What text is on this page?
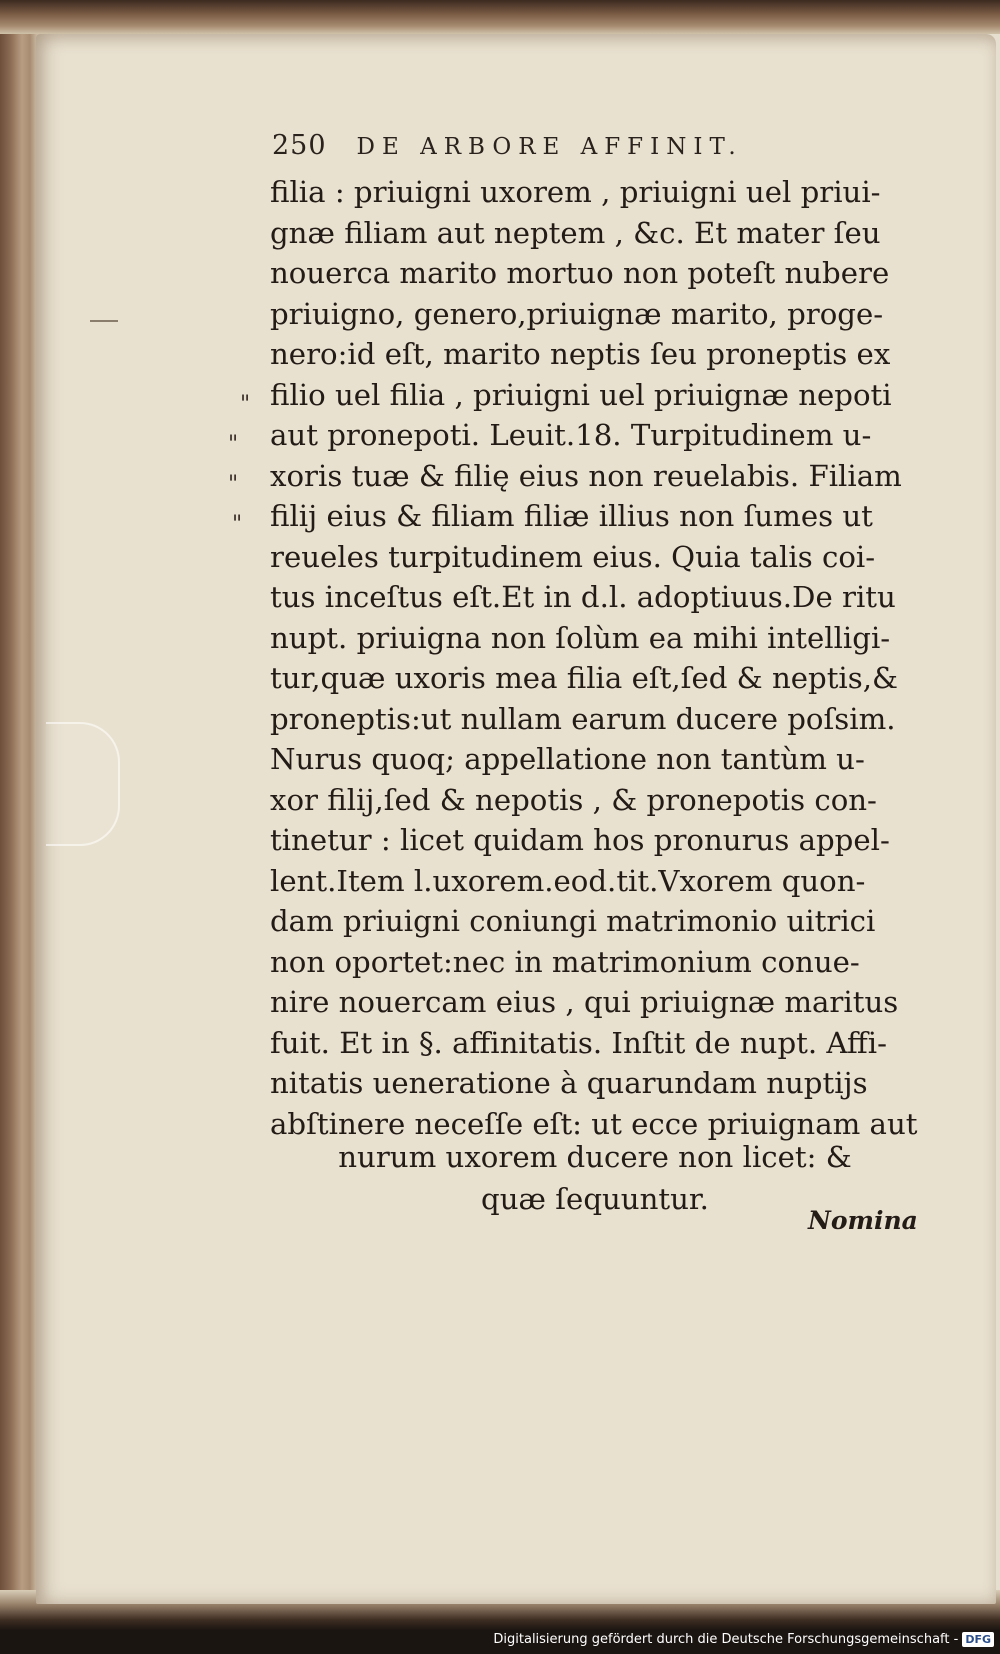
250 DE ARBORE AFFINIT.
filia : priuigni uxorem , priuigni uel priui-
gnæ filiam aut neptem , &c. Et mater ſeu
nouerca marito mortuo non poteſt nubere
priuigno, genero,priuignæ marito, proge-
nero:id eſt, marito neptis ſeu proneptis ex
filio uel filia , priuigni uel priuignæ nepoti
aut pronepoti. Leuit.18. Turpitudinem u-
xoris tuæ & filię eius non reuelabis. Filiam
filij eius & filiam filiæ illius non ſumes ut
reueles turpitudinem eius. Quia talis coi-
tus inceſtus eſt.Et in d.l. adoptiuus.De ritu
nupt. priuigna non ſolùm ea mihi intelligi-
tur,quæ uxoris mea filia eſt,ſed & neptis,&
proneptis:ut nullam earum ducere poſsim.
Nurus quoq; appellatione non tantùm u-
xor filij,ſed & nepotis , & pronepotis con-
tinetur : licet quidam hos pronurus appel-
lent.Item l.uxorem.eod.tit.Vxorem quon-
dam priuigni coniungi matrimonio uitrici
non oportet:nec in matrimonium conue-
nire nouercam eius , qui priuignæ maritus
fuit. Et in §. affinitatis. Inſtit de nupt. Affi-
nitatis ueneratione à quarundam nuptijs
abſtinere neceſſe eſt: ut ecce priuignam aut
"
"
"
"
nurum uxorem ducere non licet: &
quæ ſequuntur.
Nomina
Digitalisierung gefördert durch die Deutsche Forschungsgemeinschaft - DFG
